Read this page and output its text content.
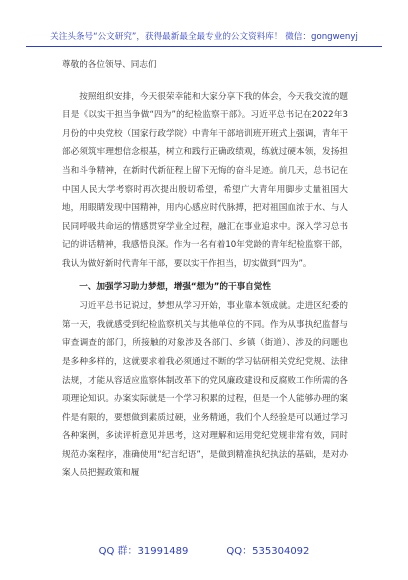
关注头条号“公文研究”，获得最新最全最专业的公文资料库！ 微信：gongwenyj

尊敬的各位领导、同志们

按照组织安排，今天很荣幸能和大家分享下我的体会，今天我交流的题目是《以实干担当争做“四为”的纪检监察干部》。习近平总书记在2022年3月份的中央党校（国家行政学院）中青年干部培训班开班式上强调，青年干部必须筑牢理想信念根基，树立和践行正确政绩观，练就过硬本领，发扬担当和斗争精神，在新时代新征程上留下无悔的奋斗足迹。前几天，总书记在中国人民大学考察时再次提出殷切希望，希望广大青年用脚步丈量祖国大地，用眼睛发现中国精神，用内心感应时代脉搏，把对祖国血浓于水、与人民同呼吸共命运的情感贯穿学业全过程，融汇在事业追求中。深入学习总书记的讲话精神，我感悟良深。作为一名有着10年党龄的青年纪检监察干部，我认为做好新时代青年干部，要以实干作担当，切实做到“四为”。

一、加强学习助力梦想，增强“想为”的干事自觉性

习近平总书记说过，梦想从学习开始，事业靠本领成就。走进区纪委的第一天，我就感受到纪检监察机关与其他单位的不同。作为从事执纪监督与审查调查的部门，所接触的对象涉及各部门、乡镇（街道）、涉及的问题也是多种多样的，这就要求着我必须通过不断的学习钻研相关党纪党规、法律法规，才能从容适应监察体制改革下的党风廉政建设和反腐败工作所需的各项理论知识。办案实际就是一个学习积累的过程，但是一个人能够办理的案件是有限的，要想做到素质过硬，业务精通，我们个人经验是可以通过学习各种案例，多读评析意见并思考，这对理解和运用党纪党规非常有效，同时规范办案程序，准确使用“纪言纪语”，是做到精准执纪执法的基础，是对办案人员把握政策和履

QQ 群：31991489	QQ：535304092
